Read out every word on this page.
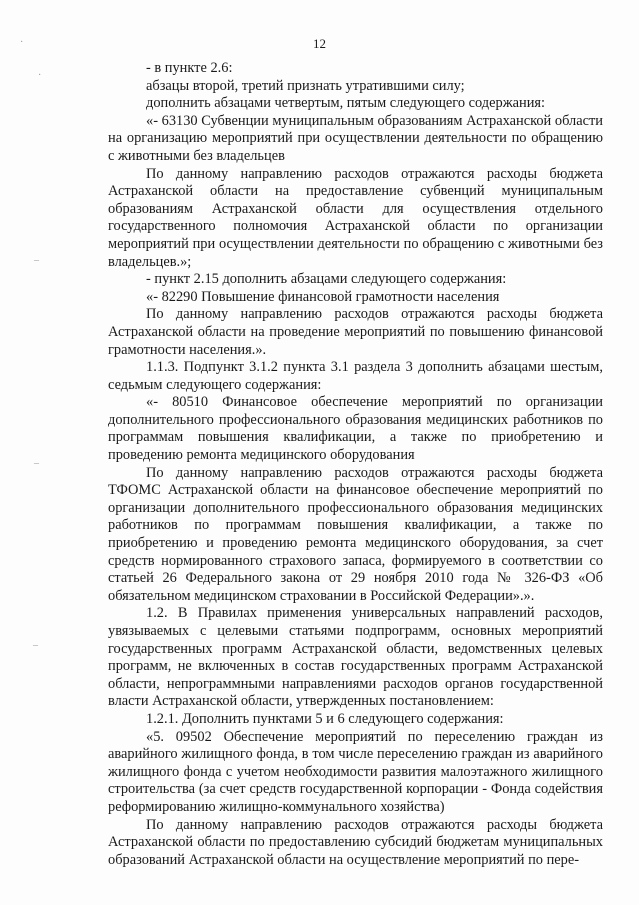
12
·
·
–
–
–

- в пункте 2.6:

абзацы второй, третий признать утратившими силу;

дополнить абзацами четвертым, пятым следующего содержания:

«- 63130 Субвенции муниципальным образованиям Астраханской области на организацию мероприятий при осуществлении деятельности по обращению с животными без владельцев

По данному направлению расходов отражаются расходы бюджета Астраханской области на предоставление субвенций муниципальным образованиям Астраханской области для осуществления отдельного государственного полномочия Астраханской области по организации мероприятий при осуществлении деятельности по обращению с животными без владельцев.»;

- пункт 2.15 дополнить абзацами следующего содержания:

«- 82290 Повышение финансовой грамотности населения

По данному направлению расходов отражаются расходы бюджета Астраханской области на проведение мероприятий по повышению финансовой грамотности населения.».

1.1.3. Подпункт 3.1.2 пункта 3.1 раздела 3 дополнить абзацами шестым, седьмым следующего содержания:

«- 80510 Финансовое обеспечение мероприятий по организации дополнительного профессионального образования медицинских работников по программам повышения квалификации, а также по приобретению и проведению ремонта медицинского оборудования

По данному направлению расходов отражаются расходы бюджета ТФОМС Астраханской области на финансовое обеспечение мероприятий по организации дополнительного профессионального образования медицинских работников по программам повышения квалификации, а также по приобретению и проведению ремонта медицинского оборудования, за счет средств нормированного страхового запаса, формируемого в соответствии со статьей 26 Федерального закона от 29 ноября 2010 года № 326-ФЗ «Об обязательном медицинском страховании в Российской Федерации».».

1.2. В Правилах применения универсальных направлений расходов, увязываемых с целевыми статьями подпрограмм, основных мероприятий государственных программ Астраханской области, ведомственных целевых программ, не включенных в состав государственных программ Астраханской области, непрограммными направлениями расходов органов государственной власти Астраханской области, утвержденных постановлением:

1.2.1. Дополнить пунктами 5 и 6 следующего содержания:

«5. 09502 Обеспечение мероприятий по переселению граждан из аварийного жилищного фонда, в том числе переселению граждан из аварийного жилищного фонда с учетом необходимости развития малоэтажного жилищного строительства (за счет средств государственной корпорации - Фонда содействия реформированию жилищно-коммунального хозяйства)

По данному направлению расходов отражаются расходы бюджета Астраханской области по предоставлению субсидий бюджетам муниципальных образований Астраханской области на осуществление мероприятий по пере-
